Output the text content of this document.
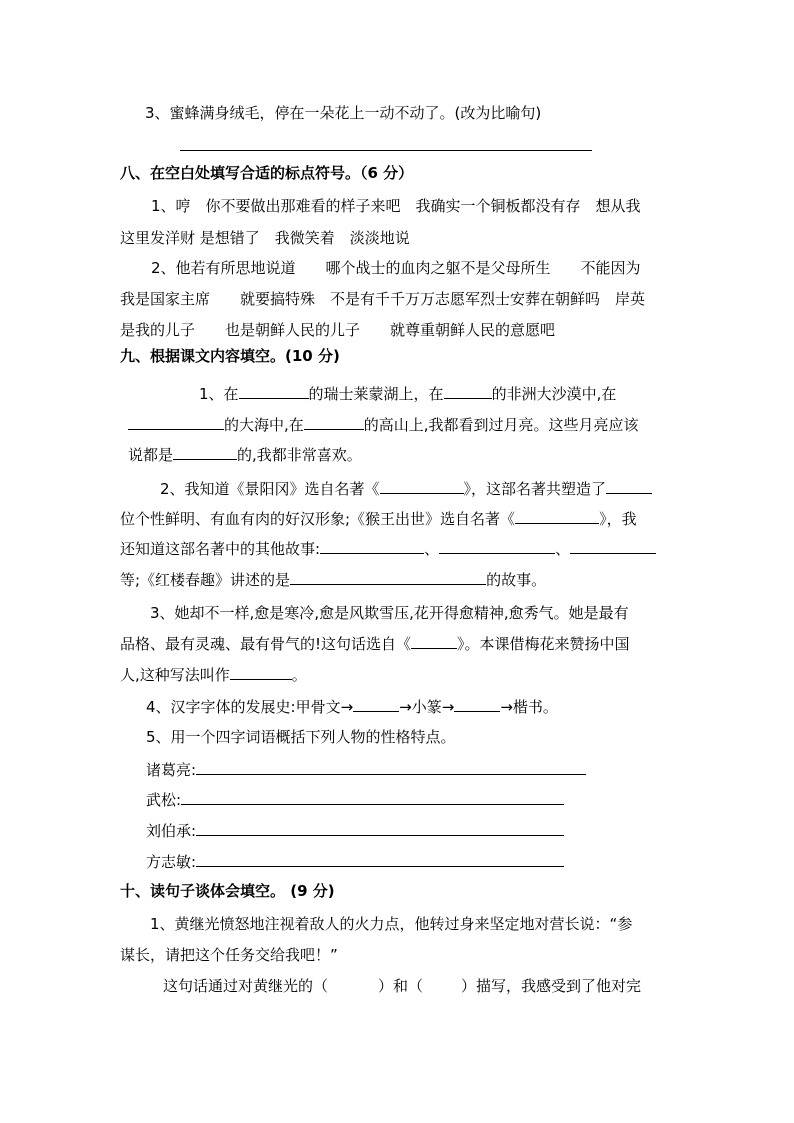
3、蜜蜂满身绒毛，停在一朵花上一动不动了。(改为比喻句)
八、在空白处填写合适的标点符号。（6 分）
1、哼　你不要做出那难看的样子来吧　我确实一个铜板都没有存　想从我
这里发洋财 是想错了　我微笑着　淡淡地说
2、他若有所思地说道　　哪个战士的血肉之躯不是父母所生　　不能因为
我是国家主席　　就要搞特殊　不是有千千万万志愿军烈士安葬在朝鲜吗　岸英
是我的儿子　　也是朝鲜人民的儿子　　就尊重朝鲜人民的意愿吧
九、根据课文内容填空。(10 分)
1、在	的瑞士莱蒙湖上，在	的非洲大沙漠中,在
的大海中,在	的高山上,我都看到过月亮。这些月亮应该
说都是	的,我都非常喜欢。
2、我知道《景阳冈》选自名著《	》，这部名著共塑造了
位个性鲜明、有血有肉的好汉形象;《猴王出世》选自名著《	》，我
还知道这部名著中的其他故事:	、	、
等;《红楼春趣》讲述的是	的故事。
3、她却不一样,愈是寒冷,愈是风欺雪压,花开得愈精神,愈秀气。她是最有
品格、最有灵魂、最有骨气的!这句话选自《	》。本课借梅花来赞扬中国
人,这种写法叫作	。
4、汉字字体的发展史:甲骨文→	→小篆→	→楷书。
5、用一个四字词语概括下列人物的性格特点。
诸葛亮:
武松:
刘伯承:
方志敏:
十、读句子谈体会填空。 (9 分)
1、黄继光愤怒地注视着敌人的火力点，他转过身来坚定地对营长说：“参
谋长，请把这个任务交给我吧！”
这句话通过对黄继光的（	）和（	）描写，我感受到了他对完
